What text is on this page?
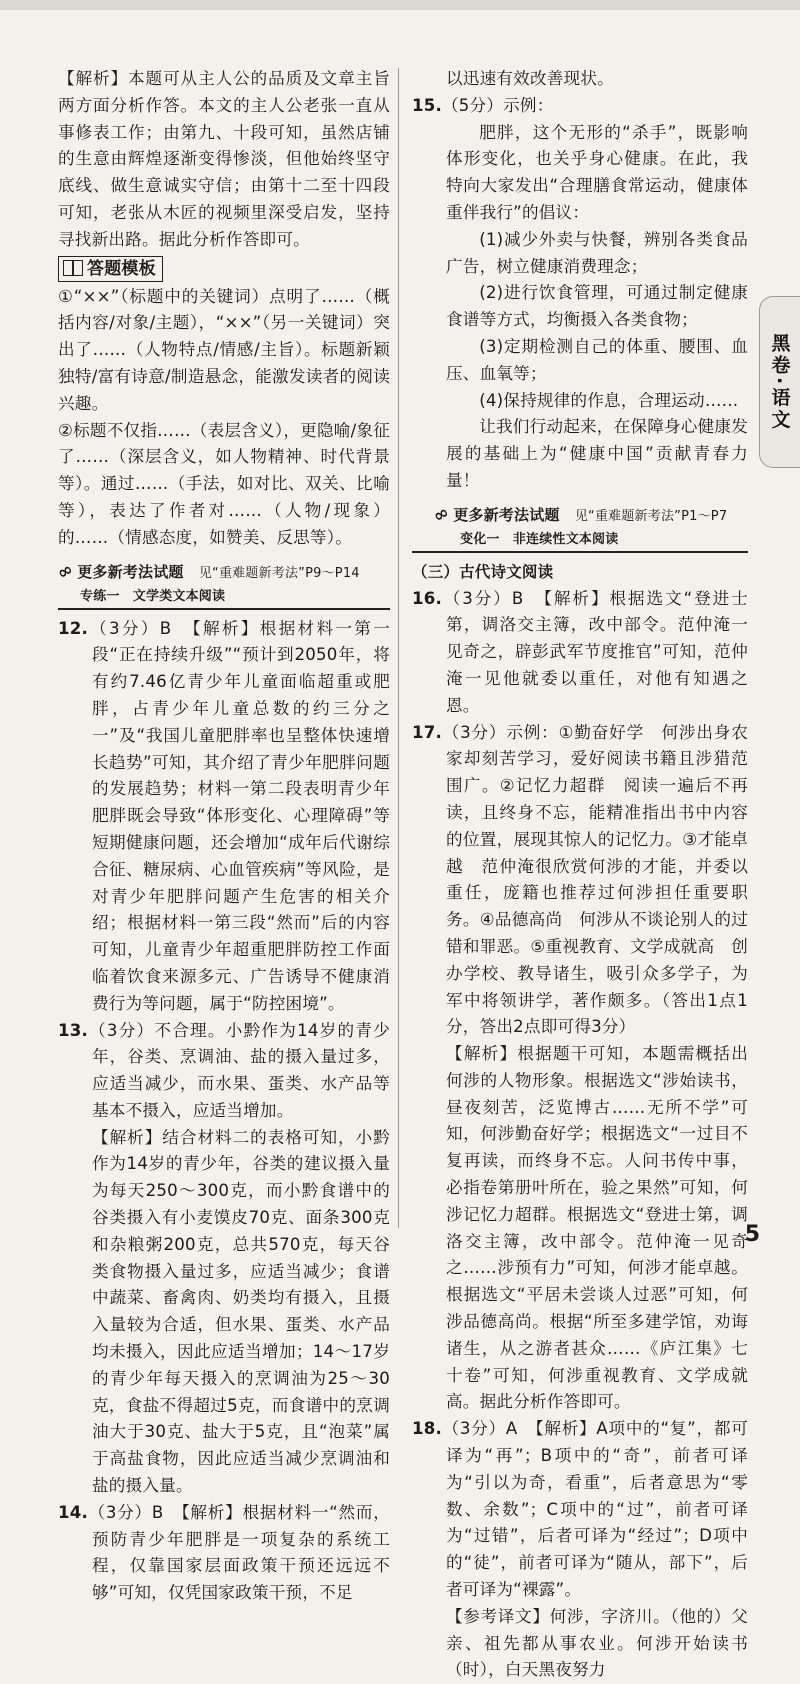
【解析】本题可从主人公的品质及文章主旨两方面分析作答。本文的主人公老张一直从事修表工作；由第九、十段可知，虽然店铺的生意由辉煌逐渐变得惨淡，但他始终坚守底线、做生意诚实守信；由第十二至十四段可知，老张从木匠的视频里深受启发，坚持寻找新出路。据此分析作答即可。

答题模板

①“××”（标题中的关键词）点明了……（概括内容/对象/主题），“××”（另一关键词）突出了……（人物特点/情感/主旨）。标题新颖独特/富有诗意/制造悬念，能激发读者的阅读兴趣。

②标题不仅指……（表层含义），更隐喻/象征了……（深层含义，如人物精神、时代背景等）。通过……（手法，如对比、双关、比喻等），表达了作者对……（人物/现象）的……（情感态度，如赞美、反思等）。

∞更多新考法试题　 见“重难题新考法”P9～P14
专练一　文学类文本阅读

12.（3分）B　【解析】根据材料一第一段“正在持续升级”“预计到2050年，将有约7.46亿青少年儿童面临超重或肥胖，占青少年儿童总数的约三分之一”及“我国儿童肥胖率也呈整体快速增长趋势”可知，其介绍了青少年肥胖问题的发展趋势；材料一第二段表明青少年肥胖既会导致“体形变化、心理障碍”等短期健康问题，还会增加“成年后代谢综合征、糖尿病、心血管疾病”等风险，是对青少年肥胖问题产生危害的相关介绍；根据材料一第三段“然而”后的内容可知，儿童青少年超重肥胖防控工作面临着饮食来源多元、广告诱导不健康消费行为等问题，属于“防控困境”。

13.（3分）不合理。小黔作为14岁的青少年，谷类、烹调油、盐的摄入量过多，应适当减少，而水果、蛋类、水产品等基本不摄入，应适当增加。

【解析】结合材料二的表格可知，小黔作为14岁的青少年，谷类的建议摄入量为每天250～300克，而小黔食谱中的谷类摄入有小麦馍皮70克、面条300克和杂粮粥200克，总共570克，每天谷类食物摄入量过多，应适当减少；食谱中蔬菜、畜禽肉、奶类均有摄入，且摄入量较为合适，但水果、蛋类、水产品均未摄入，因此应适当增加；14～17岁的青少年每天摄入的烹调油为25～30克，食盐不得超过5克，而食谱中的烹调油大于30克、盐大于5克，且“泡菜”属于高盐食物，因此应适当减少烹调油和盐的摄入量。

14.（3分）B　【解析】根据材料一“然而，预防青少年肥胖是一项复杂的系统工程，仅靠国家层面政策干预还远远不够”可知，仅凭国家政策干预，不足

以迅速有效改善现状。

15.（5分）示例：

肥胖，这个无形的“杀手”，既影响体形变化，也关乎身心健康。在此，我特向大家发出“合理膳食常运动，健康体重伴我行”的倡议：

(1)减少外卖与快餐，辨别各类食品广告，树立健康消费理念；

(2)进行饮食管理，可通过制定健康食谱等方式，均衡摄入各类食物；

(3)定期检测自己的体重、腰围、血压、血氧等；

(4)保持规律的作息，合理运动……

让我们行动起来，在保障身心健康发展的基础上为“健康中国”贡献青春力量！

∞更多新考法试题　 见“重难题新考法”P1～P7
变化一　非连续性文本阅读
（三）古代诗文阅读

16.（3分）B　【解析】根据选文“登进士第，调洛交主簿，改中部令。范仲淹一见奇之，辟彭武军节度推官”可知，范仲淹一见他就委以重任，对他有知遇之恩。

17.（3分）示例：①勤奋好学　何涉出身农家却刻苦学习，爱好阅读书籍且涉猎范围广。②记忆力超群　阅读一遍后不再读，且终身不忘，能精准指出书中内容的位置，展现其惊人的记忆力。③才能卓越　范仲淹很欣赏何涉的才能，并委以重任，庞籍也推荐过何涉担任重要职务。④品德高尚　何涉从不谈论别人的过错和罪恶。⑤重视教育、文学成就高　创办学校、教导诸生，吸引众多学子，为军中将领讲学，著作颇多。（答出1点1分，答出2点即可得3分）

【解析】根据题干可知，本题需概括出何涉的人物形象。根据选文“涉始读书，昼夜刻苦，泛览博古……无所不学”可知，何涉勤奋好学；根据选文“一过目不复再读，而终身不忘。人问书传中事，必指卷第册叶所在，验之果然”可知，何涉记忆力超群。根据选文“登进士第，调洛交主簿，改中部令。范仲淹一见奇之……涉预有力”可知，何涉才能卓越。根据选文“平居未尝谈人过恶”可知，何涉品德高尚。根据“所至多建学馆，劝诲诸生，从之游者甚众……《庐江集》七十卷”可知，何涉重视教育、文学成就高。据此分析作答即可。

18.（3分）A　【解析】A项中的“复”，都可译为“再”；B项中的“奇”，前者可译为“引以为奇，看重”，后者意思为“零数、余数”；C项中的“过”，前者可译为“过错”，后者可译为“经过”；D项中的“徒”，前者可译为“随从，部下”，后者可译为“裸露”。

【参考译文】何涉，字济川。（他的）父亲、祖先都从事农业。何涉开始读书（时），白天黑夜努力

黑卷·语文
5
